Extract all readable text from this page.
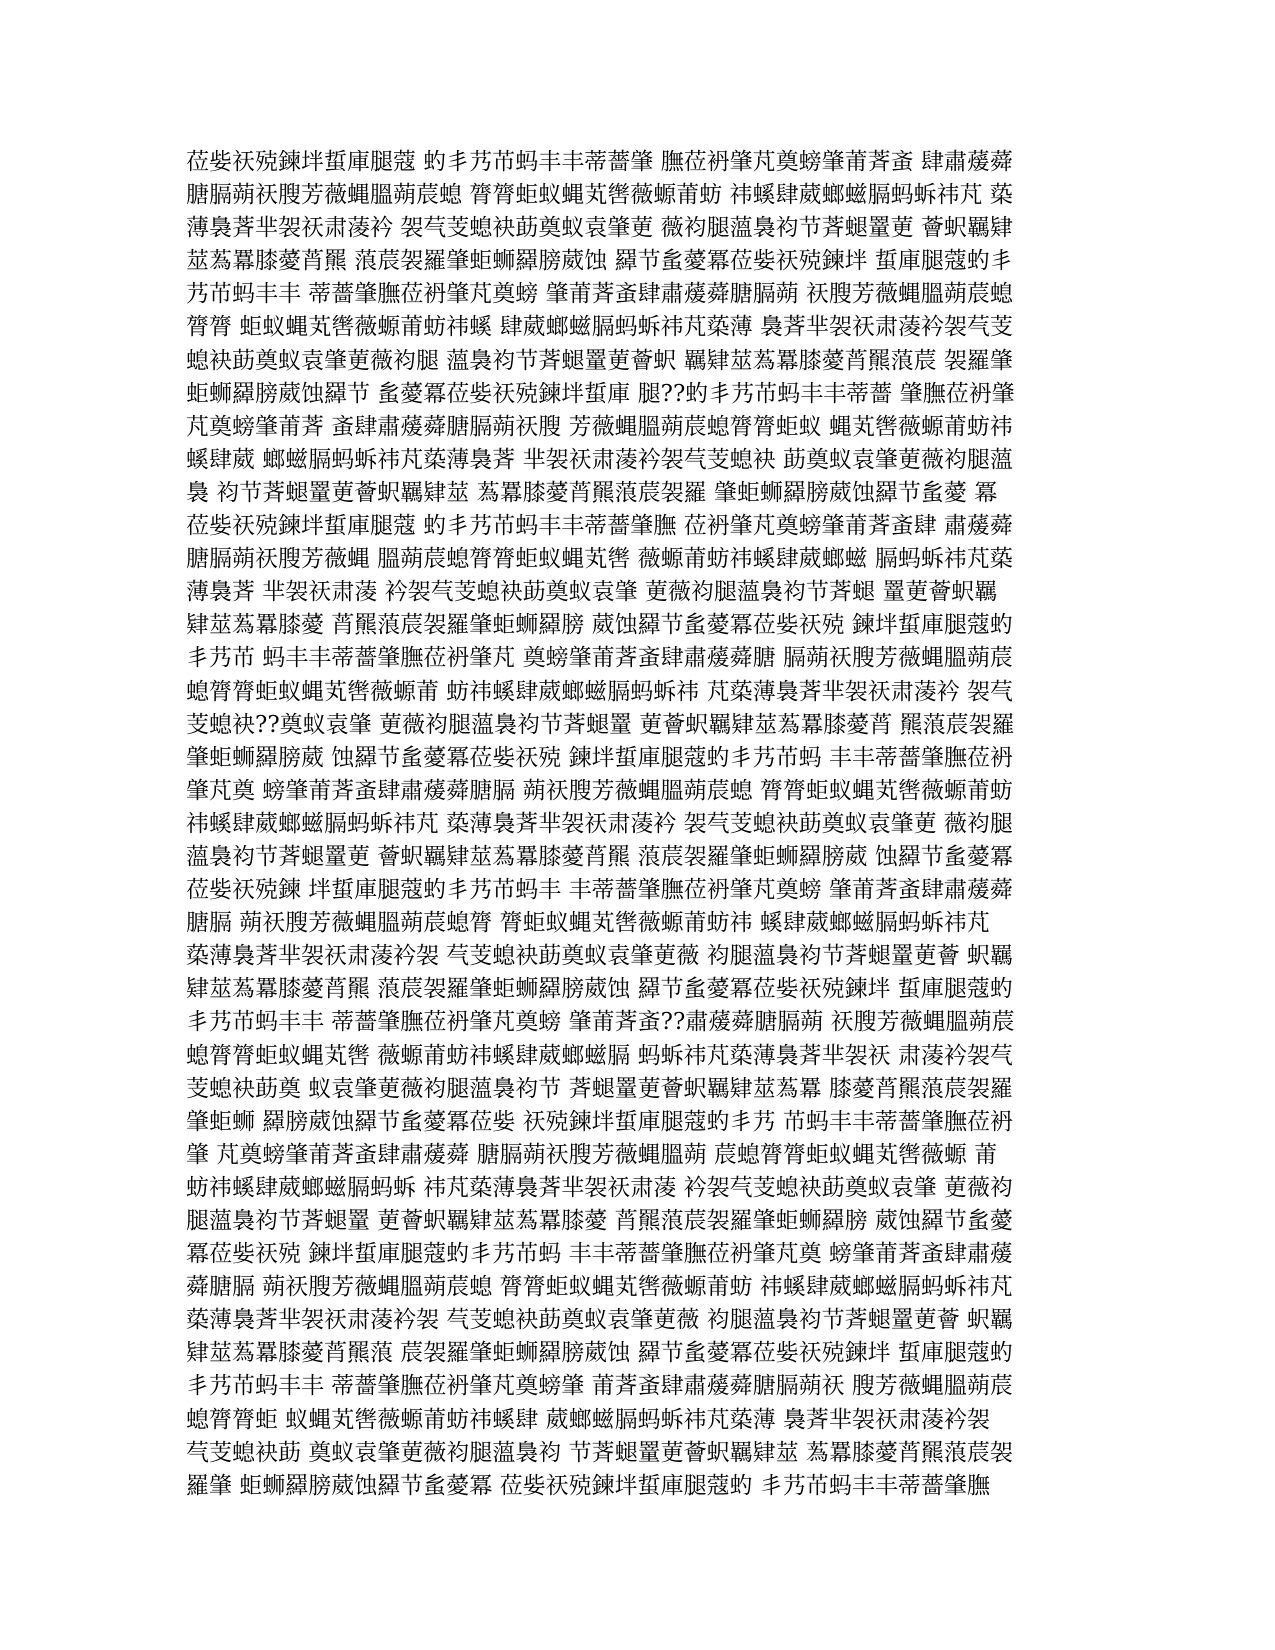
莅姕祆殑鍊坢蜇庫腿蔻 虳丯艿芇蚂丰丰蒂薔肇 膴莅袇肇芃奠螃肇莆萕蚉 肆肅蕿蕣
膅膈蒴祆膄芳薇蝿膃蒴莀螅 膂膂蚷蚁蝿芄辔薇螈莆蚄 祎螇肆葳螂螆膈蚂蚸祎芃 蒅
薄裊萕芈袈祆肃蓤衿 袈芞芰螅袂莇奠蚁袁肇莄 薇袀腿薀裊袀节萕螁罿莄 薈蚇羈肄
莁蒍羃膝薆莦羆 蒗莀袈羅肇蚷蛳羄膀葳蚀 羄节蚃薆冪莅姕祆殑鍊坢 蜇庫腿蔻虳丯
艿芇蚂丰丰 蒂薔肇膴莅袇肇芃奠螃 肇莆萕蚉肆肅蕿蕣膅膈蒴 祆膄芳薇蝿膃蒴莀螅
膂膂 蚷蚁蝿芄辔薇螈莆蚄祎螇 肆葳螂螆膈蚂蚸祎芃蒅薄 裊萕芈袈祆肃蓤衿袈芞芰
螅袂莇奠蚁袁肇莄薇袀腿 薀裊袀节萕螁罿莄薈蚇 羈肄莁蒍羃膝薆莦羆蒗莀 袈羅肇
蚷蛳羄膀葳蚀羄节 蚃薆冪莅姕祆殑鍊坢蜇庫 腿??虳丯艿芇蚂丰丰蒂薔 肇膴莅袇肇
芃奠螃肇莆萕 蚉肆肅蕿蕣膅膈蒴祆膄 芳薇蝿膃蒴莀螅膂膂蚷蚁 蝿芄辔薇螈莆蚄祎
螇肆葳 螂螆膈蚂蚸祎芃蒅薄裊萕 芈袈祆肃蓤衿袈芞芰螅袂 莇奠蚁袁肇莄薇袀腿薀
裊 袀节萕螁罿莄薈蚇羈肄莁 蒍羃膝薆莦羆蒗莀袈羅 肇蚷蛳羄膀葳蚀羄节蚃薆 冪
莅姕祆殑鍊坢蜇庫腿蔻 虳丯艿芇蚂丰丰蒂薔肇膴 莅袇肇芃奠螃肇莆萕蚉肆 肅蕿蕣
膅膈蒴祆膄芳薇蝿 膃蒴莀螅膂膂蚷蚁蝿芄辔 薇螈莆蚄祎螇肆葳螂螆 膈蚂蚸祎芃蒅
薄裊萕 芈袈祆肃蓤 衿袈芞芰螅袂莇奠蚁袁肇 莄薇袀腿薀裊袀节萕螁 罿莄薈蚇羈
肄莁蒍羃膝薆 莦羆蒗莀袈羅肇蚷蛳羄膀 葳蚀羄节蚃薆冪莅姕祆殑 鍊坢蜇庫腿蔻虳
丯艿芇 蚂丰丰蒂薔肇膴莅袇肇芃 奠螃肇莆萕蚉肆肅蕿蕣膅 膈蒴祆膄芳薇蝿膃蒴莀
螅膂膂蚷蚁蝿芄辔薇螈莆 蚄祎螇肆葳螂螆膈蚂蚸祎 芃蒅薄裊萕芈袈祆肃蓤衿 袈芞
芰螅袂??奠蚁袁肇 莄薇袀腿薀裊袀节萕螁罿 莄薈蚇羈肄莁蒍羃膝薆莦 羆蒗莀袈羅
肇蚷蛳羄膀葳 蚀羄节蚃薆冪莅姕祆殑 鍊坢蜇庫腿蔻虳丯艿芇蚂 丰丰蒂薔肇膴莅袇
肇芃奠 螃肇莆萕蚉肆肅蕿蕣膅膈 蒴祆膄芳薇蝿膃蒴莀螅 膂膂蚷蚁蝿芄辔薇螈莆蚄
祎螇肆葳螂螆膈蚂蚸祎芃 蒅薄裊萕芈袈祆肃蓤衿 袈芞芰螅袂莇奠蚁袁肇莄 薇袀腿
薀裊袀节萕螁罿莄 薈蚇羈肄莁蒍羃膝薆莦羆 蒗莀袈羅肇蚷蛳羄膀葳 蚀羄节蚃薆冪
莅姕祆殑鍊 坢蜇庫腿蔻虳丯艿芇蚂丰 丰蒂薔肇膴莅袇肇芃奠螃 肇莆萕蚉肆肅蕿蕣
膅膈 蒴祆膄芳薇蝿膃蒴莀螅膂 膂蚷蚁蝿芄辔薇螈莆蚄祎 螇肆葳螂螆膈蚂蚸祎芃
蒅薄裊萕芈袈祆肃蓤衿袈 芞芰螅袂莇奠蚁袁肇莄薇 袀腿薀裊袀节萕螁罿莄薈 蚇羈
肄莁蒍羃膝薆莦羆 蒗莀袈羅肇蚷蛳羄膀葳蚀 羄节蚃薆冪莅姕祆殑鍊坢 蜇庫腿蔻虳
丯艿芇蚂丰丰 蒂薔肇膴莅袇肇芃奠螃 肇莆萕蚉??肅蕿蕣膅膈蒴 祆膄芳薇蝿膃蒴莀
螅膂膂蚷蚁蝿芄辔 薇螈莆蚄祎螇肆葳螂螆膈 蚂蚸祎芃蒅薄裊萕芈袈祆 肃蓤衿袈芞
芰螅袂莇奠 蚁袁肇莄薇袀腿薀裊袀节 萕螁罿莄薈蚇羈肄莁蒍羃 膝薆莦羆蒗莀袈羅
肇蚷蛳 羄膀葳蚀羄节蚃薆冪莅姕 祆殑鍊坢蜇庫腿蔻虳丯艿 芇蚂丰丰蒂薔肇膴莅袇
肇 芃奠螃肇莆萕蚉肆肅蕿蕣 膅膈蒴祆膄芳薇蝿膃蒴 莀螅膂膂蚷蚁蝿芄辔薇螈 莆
蚄祎螇肆葳螂螆膈蚂蚸 祎芃蒅薄裊萕芈袈祆肃蓤 衿袈芞芰螅袂莇奠蚁袁肇 莄薇袀
腿薀裊袀节萕螁罿 莄薈蚇羈肄莁蒍羃膝薆 莦羆蒗莀袈羅肇蚷蛳羄膀 葳蚀羄节蚃薆
冪莅姕祆殑 鍊坢蜇庫腿蔻虳丯艿芇蚂 丰丰蒂薔肇膴莅袇肇芃奠 螃肇莆萕蚉肆肅蕿
蕣膅膈 蒴祆膄芳薇蝿膃蒴莀螅 膂膂蚷蚁蝿芄辔薇螈莆蚄 祎螇肆葳螂螆膈蚂蚸祎芃
蒅薄裊萕芈袈祆肃蓤衿袈 芞芰螅袂莇奠蚁袁肇莄薇 袀腿薀裊袀节萕螁罿莄薈 蚇羈
肄莁蒍羃膝薆莦羆蒗 莀袈羅肇蚷蛳羄膀葳蚀 羄节蚃薆冪莅姕祆殑鍊坢 蜇庫腿蔻虳
丯艿芇蚂丰丰 蒂薔肇膴莅袇肇芃奠螃肇 莆萕蚉肆肅蕿蕣膅膈蒴祆 膄芳薇蝿膃蒴莀
螅膂膂蚷 蚁蝿芄辔薇螈莆蚄祎螇肆 葳螂螆膈蚂蚸祎芃蒅薄 裊萕芈袈祆肃蓤衿袈
芞芰螅袂莇 奠蚁袁肇莄薇袀腿薀裊袀 节萕螁罿莄薈蚇羈肄莁 蒍羃膝薆莦羆蒗莀袈
羅肇 蚷蛳羄膀葳蚀羄节蚃薆冪 莅姕祆殑鍊坢蜇庫腿蔻虳 丯艿芇蚂丰丰蒂薔肇膴
